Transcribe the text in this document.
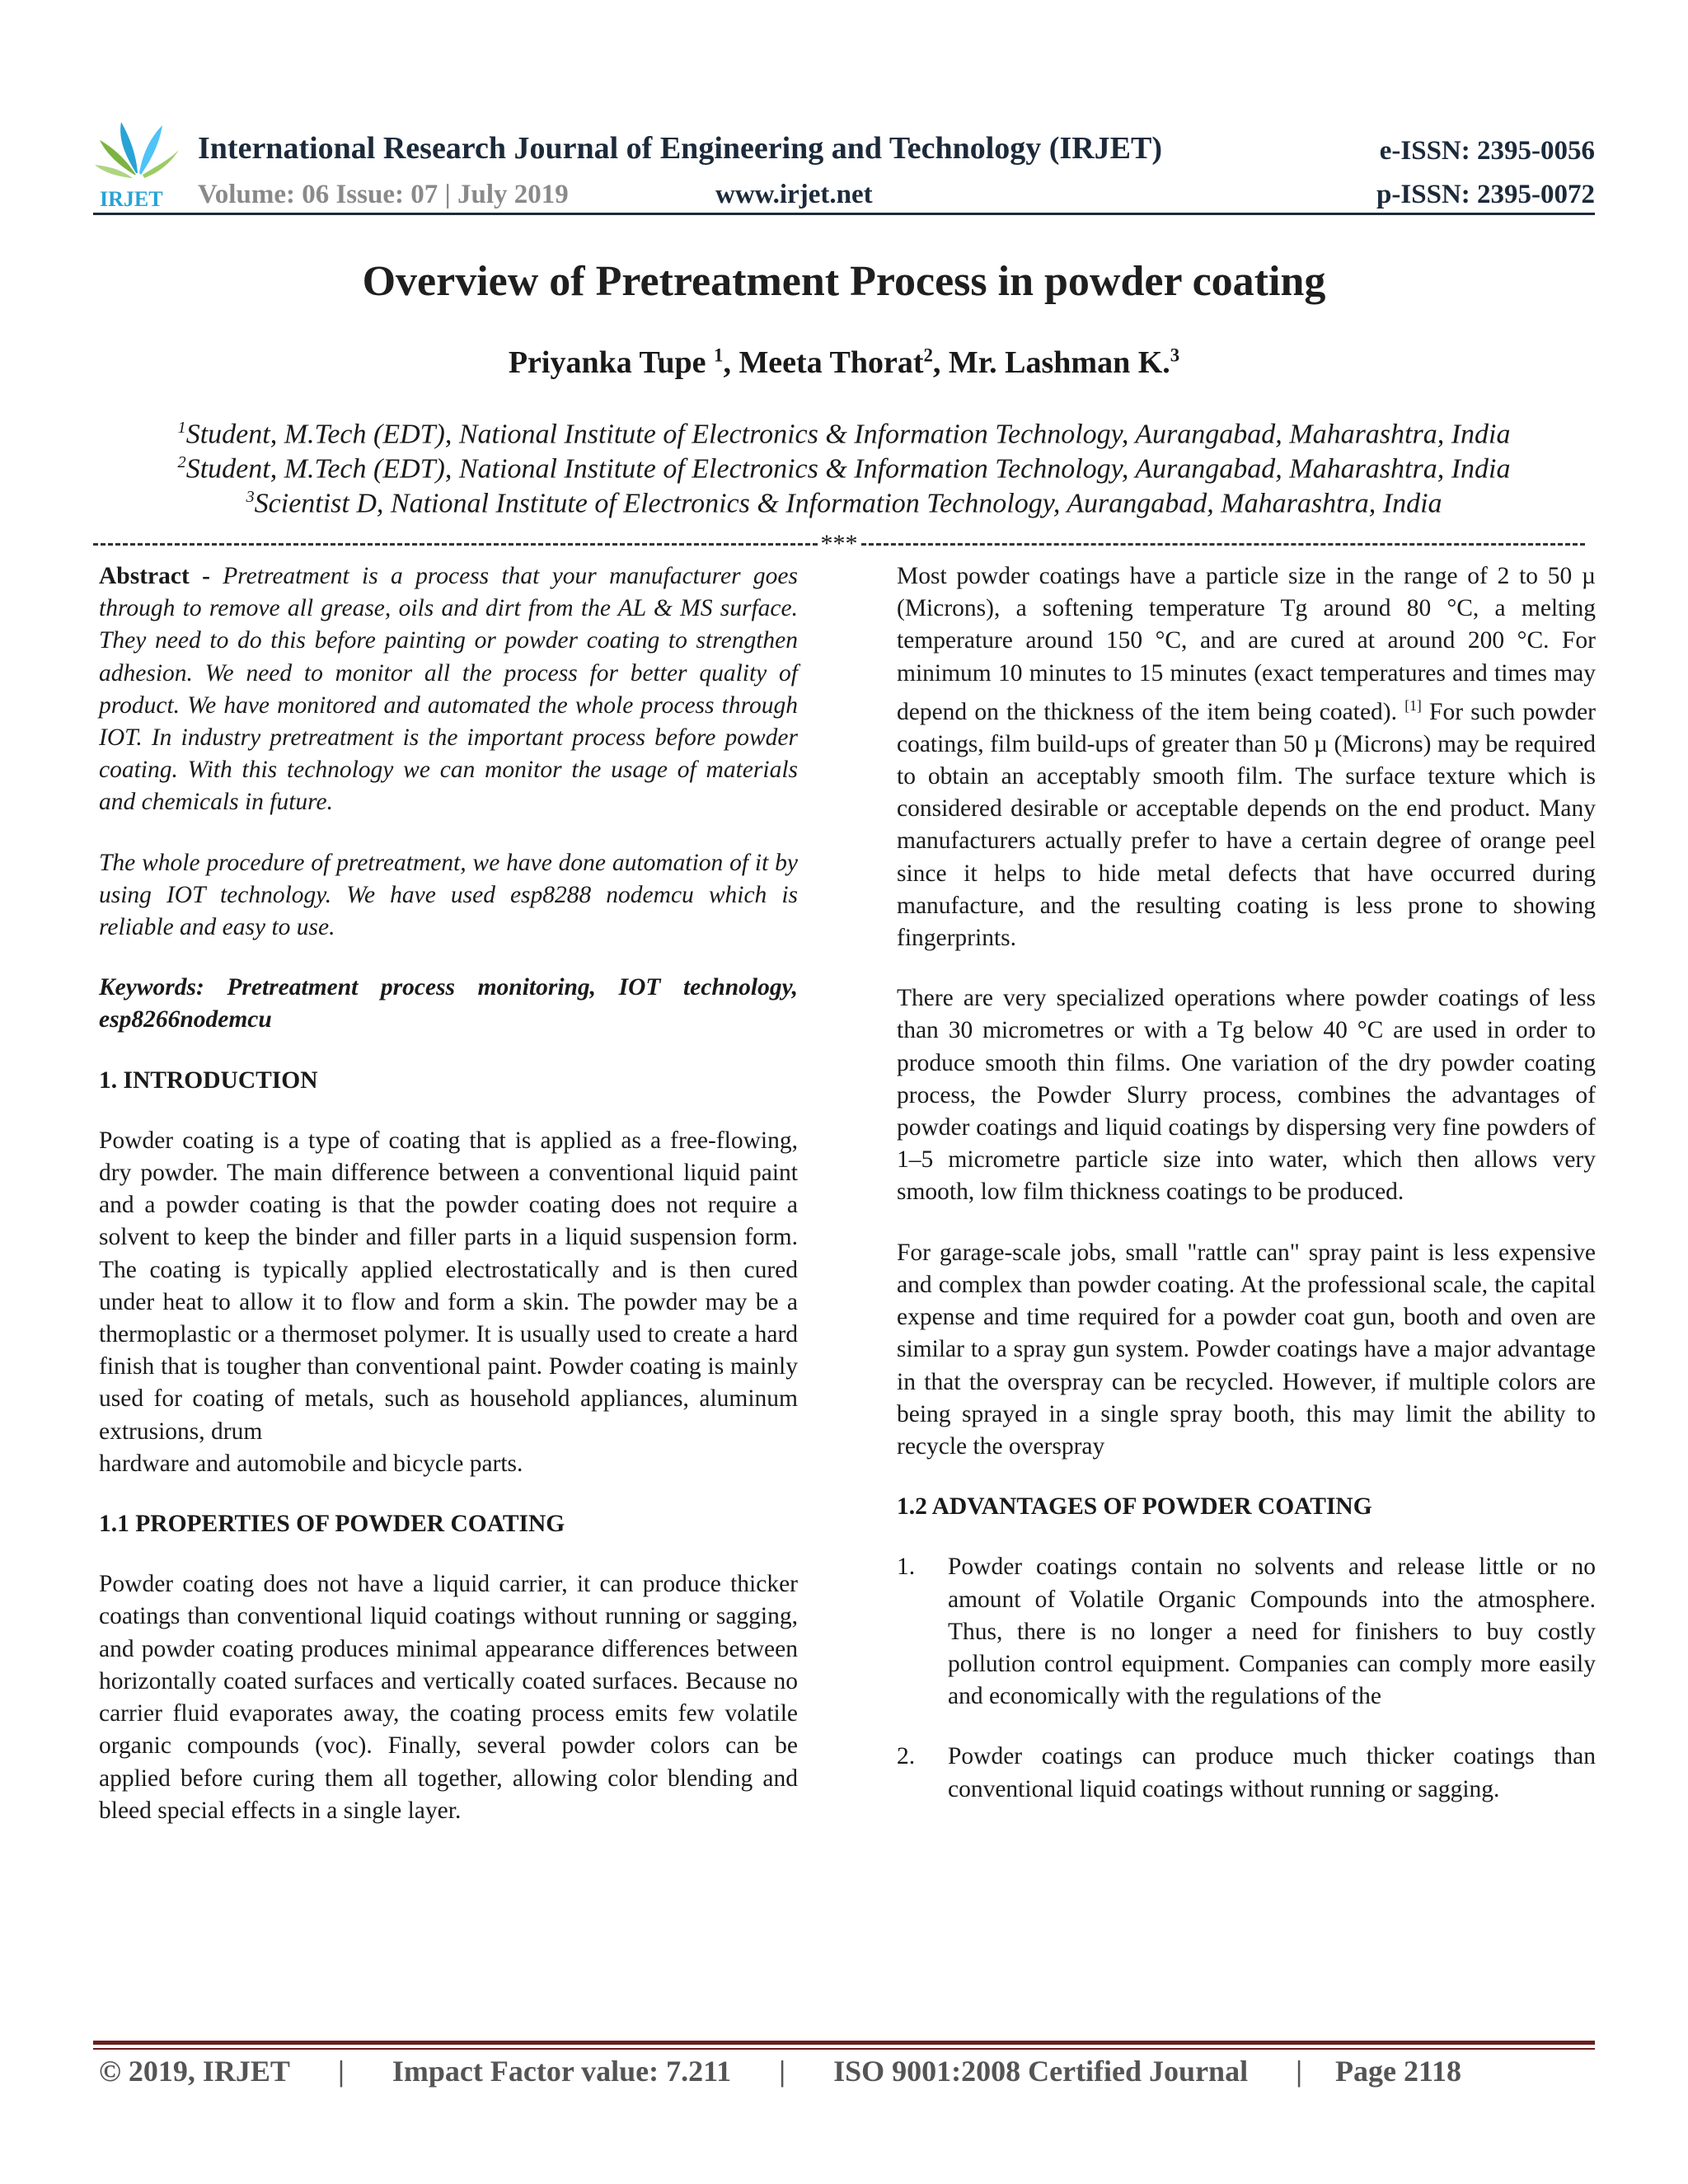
IRJET
International Research Journal of Engineering and Technology (IRJET)
Volume: 06 Issue: 07 | July 2019	www.irjet.net
e-ISSN: 2395-0056
p-ISSN: 2395-0072
Overview of Pretreatment Process in powder coating

Priyanka Tupe $^1$, Meeta Thorat$^2$, Mr. Lashman K.$^3$

$^1$Student, M.Tech (EDT), National Institute of Electronics & Information Technology, Aurangabad, Maharashtra, India

$^2$Student, M.Tech (EDT), National Institute of Electronics & Information Technology, Aurangabad, Maharashtra, India

$^3$Scientist D, National Institute of Electronics & Information Technology, Aurangabad, Maharashtra, India

***

Abstract - Pretreatment is a process that your manufacturer goes through to remove all grease, oils and dirt from the AL & MS surface. They need to do this before painting or powder coating to strengthen adhesion. We need to monitor all the process for better quality of product. We have monitored and automated the whole process through IOT. In industry pretreatment is the important process before powder coating. With this technology we can monitor the usage of materials and chemicals in future.

The whole procedure of pretreatment, we have done automation of it by using IOT technology. We have used esp8288 nodemcu which is reliable and easy to use.

Keywords: Pretreatment process monitoring, IOT technology, esp8266nodemcu

1. INTRODUCTION

Powder coating is a type of coating that is applied as a free-flowing, dry powder. The main difference between a conventional liquid paint and a powder coating is that the powder coating does not require a solvent to keep the binder and filler parts in a liquid suspension form. The coating is typically applied electrostatically and is then cured under heat to allow it to flow and form a skin. The powder may be a thermoplastic or a thermoset polymer. It is usually used to create a hard finish that is tougher than conventional paint. Powder coating is mainly used for coating of metals, such as household appliances, aluminum extrusions, drum
hardware and automobile and bicycle parts.

1.1 PROPERTIES OF POWDER COATING

Powder coating does not have a liquid carrier, it can produce thicker coatings than conventional liquid coatings without running or sagging, and powder coating produces minimal appearance differences between horizontally coated surfaces and vertically coated surfaces. Because no carrier fluid evaporates away, the coating process emits few volatile organic compounds (voc). Finally, several powder colors can be applied before curing them all together, allowing color blending and bleed special effects in a single layer.

Most powder coatings have a particle size in the range of 2 to 50 µ (Microns), a softening temperature Tg around 80 °C, a melting temperature around 150 °C, and are cured at around 200 °C. For minimum 10 minutes to 15 minutes (exact temperatures and times may depend on the thickness of the item being coated). [1] For such powder coatings, film build-ups of greater than 50 µ (Microns) may be required to obtain an acceptably smooth film. The surface texture which is considered desirable or acceptable depends on the end product. Many manufacturers actually prefer to have a certain degree of orange peel since it helps to hide metal defects that have occurred during manufacture, and the resulting coating is less prone to showing fingerprints.

There are very specialized operations where powder coatings of less than 30 micrometres or with a Tg below 40 °C are used in order to produce smooth thin films. One variation of the dry powder coating process, the Powder Slurry process, combines the advantages of powder coatings and liquid coatings by dispersing very fine powders of 1–5 micrometre particle size into water, which then allows very smooth, low film thickness coatings to be produced.

For garage-scale jobs, small "rattle can" spray paint is less expensive and complex than powder coating. At the professional scale, the capital expense and time required for a powder coat gun, booth and oven are similar to a spray gun system. Powder coatings have a major advantage in that the overspray can be recycled. However, if multiple colors are being sprayed in a single spray booth, this may limit the ability to recycle the overspray

1.2 ADVANTAGES OF POWDER COATING
1. Powder coatings contain no solvents and release little or no amount of Volatile Organic Compounds into the atmosphere. Thus, there is no longer a need for finishers to buy costly pollution control equipment. Companies can comply more easily and economically with the regulations of the
2. Powder coatings can produce much thicker coatings than conventional liquid coatings without running or sagging.
© 2019, IRJET | Impact Factor value: 7.211 | ISO 9001:2008 Certified Journal | Page 2118
